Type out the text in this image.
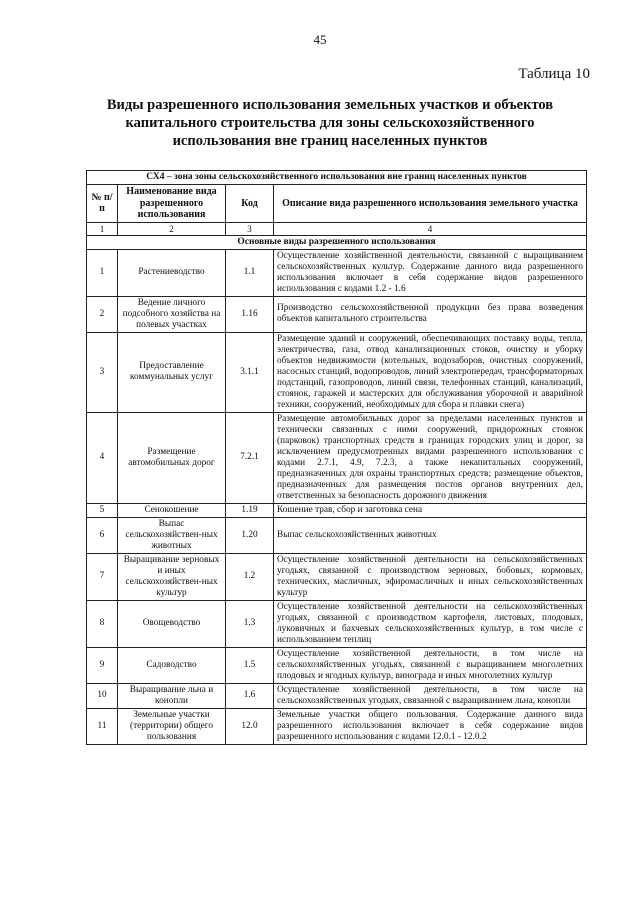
45
Таблица 10
Виды разрешенного использования земельных участков и объектов
капитального строительства для зоны сельскохозяйственного
использования вне границ населенных пунктов
СХ4 – зона зоны сельскохозяйственного использования вне границ населенных пунктов			
№ п/п	Наименование вида разрешенного использования	Код	Описание вида разрешенного использования земельного участка
1	2	3	4
Основные виды разрешенного использования			
1	Растениеводство	1.1	Осуществление хозяйственной деятельности, связанной с выращиванием сельскохозяйственных культур. Содержание данного вида разрешенного использования включает в себя содержание видов разрешенного использования с кодами 1.2 - 1.6
2	Ведение личного подсобного хозяйства на полевых участках	1.16	Производство сельскохозяйственной продукции без права возведения объектов капитального строительства
3	Предоставление коммунальных услуг	3.1.1	Размещение зданий и сооружений, обеспечивающих поставку воды, тепла, электричества, газа, отвод канализационных стоков, очистку и уборку объектов недвижимости (котельных, водозаборов, очистных сооружений, насосных станций, водопроводов, линий электропередач, трансформаторных подстанций, газопроводов, линий связи, телефонных станций, канализаций, стоянок, гаражей и мастерских для обслуживания уборочной и аварийной техники, сооружений, необходимых для сбора и плавки снега)
4	Размещение автомобильных дорог	7.2.1	Размещение автомобильных дорог за пределами населенных пунктов и технически связанных с ними сооружений, придорожных стоянок (парковок) транспортных средств в границах городских улиц и дорог, за исключением предусмотренных видами разрешенного использования с кодами 2.7.1, 4.9, 7.2.3, а также некапитальных сооружений, предназначенных для охраны транспортных средств; размещение объектов, предназначенных для размещения постов органов внутренних дел, ответственных за безопасность дорожного движения
5	Сенокошение	1.19	Кошение трав, сбор и заготовка сена
6	Выпас сельскохозяйствен-ных животных	1.20	Выпас сельскохозяйственных животных
7	Выращивание зерновых и иных сельскохозяйствен-ных культур	1.2	Осуществление хозяйственной деятельности на сельскохозяйственных угодьях, связанной с производством зерновых, бобовых, кормовых, технических, масличных, эфиромасличных и иных сельскохозяйственных культур
8	Овощеводство	1.3	Осуществление хозяйственной деятельности на сельскохозяйственных угодьях, связанной с производством картофеля, листовых, плодовых, луковичных и бахчевых сельскохозяйственных культур, в том числе с использованием теплиц
9	Садоводство	1.5	Осуществление хозяйственной деятельности, в том числе на сельскохозяйственных угодьях, связанной с выращиванием многолетних плодовых и ягодных культур, винограда и иных многолетних культур
10	Выращивание льна и конопли	1.6	Осуществление хозяйственной деятельности, в том числе на сельскохозяйственных угодьях, связанной с выращиванием льна, конопли
11	Земельные участки (территории) общего пользования	12.0	Земельные участки общего пользования. Содержание данного вида разрешенного использования включает в себя содержание видов разрешенного использования с кодами 12.0.1 - 12.0.2
